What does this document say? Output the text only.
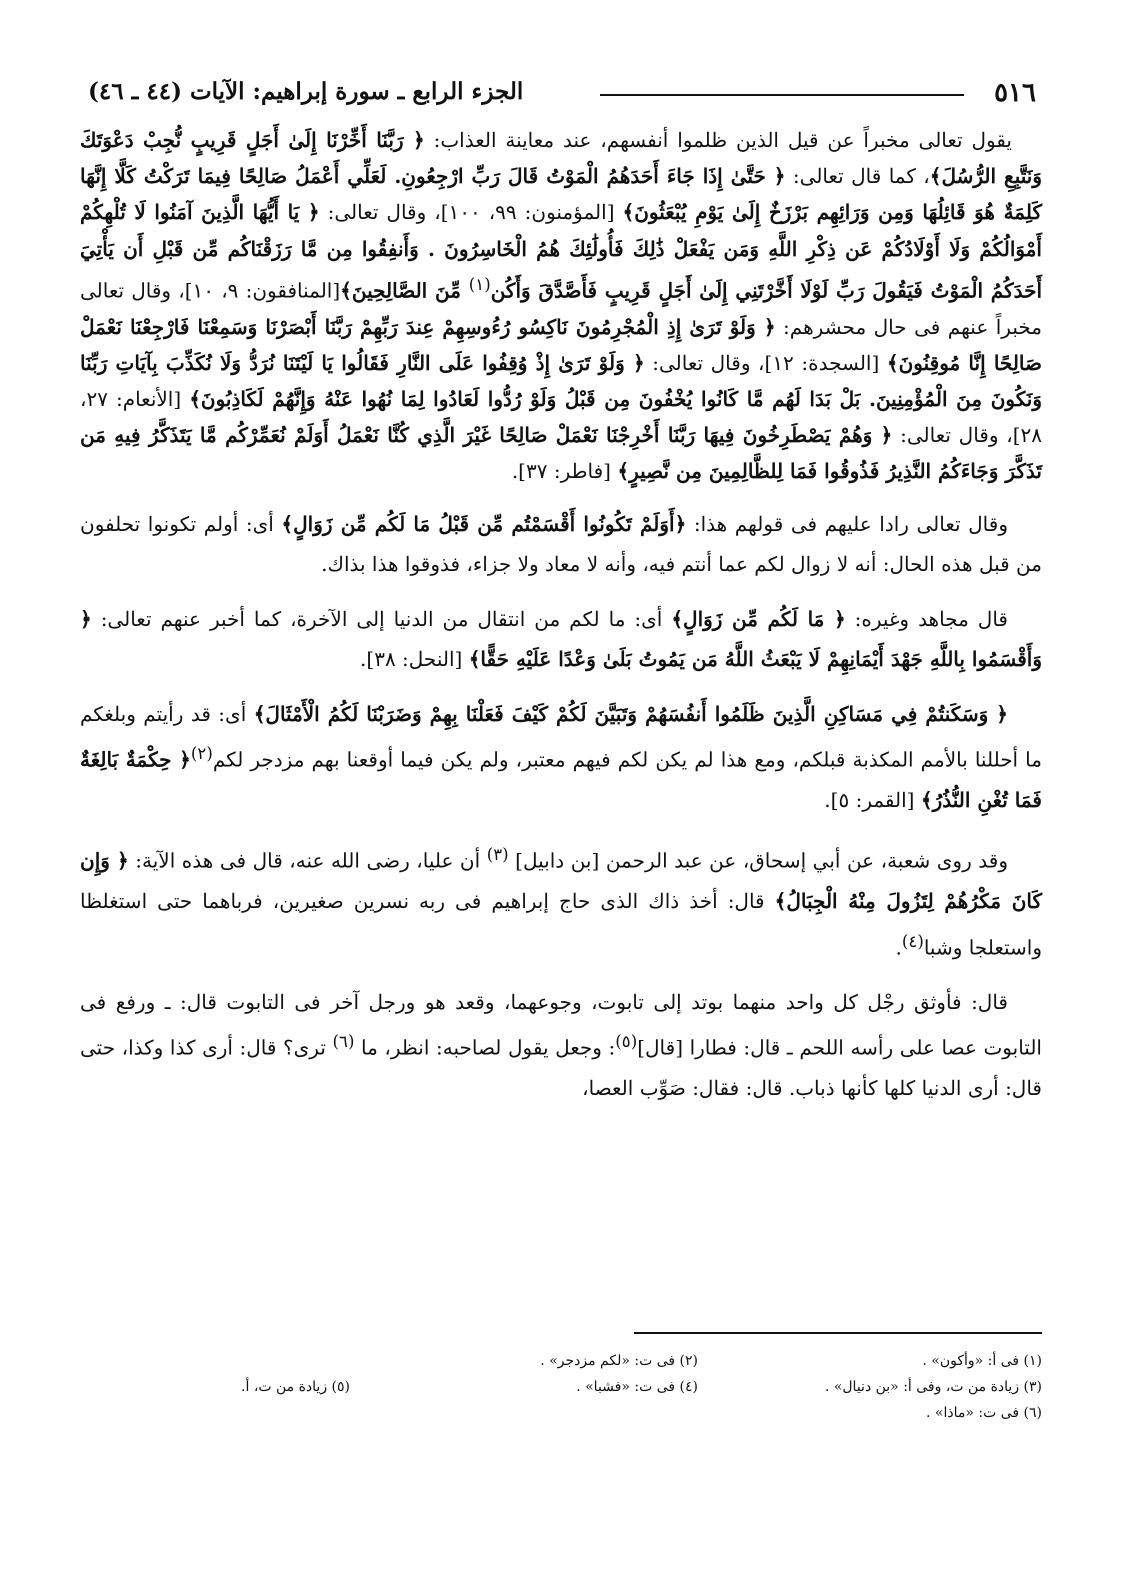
٥١٦
الجزء الرابع ـ سورة إبراهيم: الآيات (٤٤ ـ ٤٦)

يقول تعالى مخبراً عن قيل الذين ظلموا أنفسهم، عند معاينة العذاب: ﴿ رَبَّنَا أَخِّرْنَا إِلَىٰ أَجَلٍ قَرِيبٍ نُّجِبْ دَعْوَتَكَ وَنَتَّبِعِ الرُّسُلَ﴾، كما قال تعالى: ﴿ حَتَّىٰ إِذَا جَاءَ أَحَدَهُمُ الْمَوْتُ قَالَ رَبِّ ارْجِعُونِ. لَعَلِّي أَعْمَلُ صَالِحًا فِيمَا تَرَكْتُ كَلَّا إِنَّهَا كَلِمَةٌ هُوَ قَائِلُهَا وَمِن وَرَائِهِم بَرْزَخٌ إِلَىٰ يَوْمِ يُبْعَثُونَ﴾ [المؤمنون: ٩٩، ١٠٠]، وقال تعالى: ﴿ يَا أَيُّهَا الَّذِينَ آمَنُوا لَا تُلْهِكُمْ أَمْوَالُكُمْ وَلَا أَوْلَادُكُمْ عَن ذِكْرِ اللَّهِ وَمَن يَفْعَلْ ذَٰلِكَ فَأُولَٰئِكَ هُمُ الْخَاسِرُونَ . وَأَنفِقُوا مِن مَّا رَزَقْنَاكُم مِّن قَبْلِ أَن يَأْتِيَ أَحَدَكُمُ الْمَوْتُ فَيَقُولَ رَبِّ لَوْلَا أَخَّرْتَنِي إِلَىٰ أَجَلٍ قَرِيبٍ فَأَصَّدَّقَ وَأَكُن$^{(١)}$ مِّنَ الصَّالِحِينَ﴾[المنافقون: ٩، ١٠]، وقال تعالى مخبراً عنهم فى حال محشرهم: ﴿ وَلَوْ تَرَىٰ إِذِ الْمُجْرِمُونَ نَاكِسُو رُءُوسِهِمْ عِندَ رَبِّهِمْ رَبَّنَا أَبْصَرْنَا وَسَمِعْنَا فَارْجِعْنَا نَعْمَلْ صَالِحًا إِنَّا مُوقِنُونَ﴾ [السجدة: ١٢]، وقال تعالى: ﴿ وَلَوْ تَرَىٰ إِذْ وُقِفُوا عَلَى النَّارِ فَقَالُوا يَا لَيْتَنَا نُرَدُّ وَلَا نُكَذِّبَ بِآيَاتِ رَبِّنَا وَنَكُونَ مِنَ الْمُؤْمِنِينَ. بَلْ بَدَا لَهُم مَّا كَانُوا يُخْفُونَ مِن قَبْلُ وَلَوْ رُدُّوا لَعَادُوا لِمَا نُهُوا عَنْهُ وَإِنَّهُمْ لَكَاذِبُونَ﴾ [الأنعام: ٢٧، ٢٨]، وقال تعالى: ﴿ وَهُمْ يَصْطَرِخُونَ فِيهَا رَبَّنَا أَخْرِجْنَا نَعْمَلْ صَالِحًا غَيْرَ الَّذِي كُنَّا نَعْمَلُ أَوَلَمْ نُعَمِّرْكُم مَّا يَتَذَكَّرُ فِيهِ مَن تَذَكَّرَ وَجَاءَكُمُ النَّذِيرُ فَذُوقُوا فَمَا لِلظَّالِمِينَ مِن نَّصِيرٍ﴾ [فاطر: ٣٧].

وقال تعالى رادا عليهم فى قولهم هذا: ﴿أَوَلَمْ تَكُونُوا أَقْسَمْتُم مِّن قَبْلُ مَا لَكُم مِّن زَوَالٍ﴾ أى: أولم تكونوا تحلفون من قبل هذه الحال: أنه لا زوال لكم عما أنتم فيه، وأنه لا معاد ولا جزاء، فذوقوا هذا بذاك.

قال مجاهد وغيره: ﴿ مَا لَكُم مِّن زَوَالٍ﴾ أى: ما لكم من انتقال من الدنيا إلى الآخرة، كما أخبر عنهم تعالى: ﴿ وَأَقْسَمُوا بِاللَّهِ جَهْدَ أَيْمَانِهِمْ لَا يَبْعَثُ اللَّهُ مَن يَمُوتُ بَلَىٰ وَعْدًا عَلَيْهِ حَقًّا﴾ [النحل: ٣٨].

﴿ وَسَكَنتُمْ فِي مَسَاكِنِ الَّذِينَ ظَلَمُوا أَنفُسَهُمْ وَتَبَيَّنَ لَكُمْ كَيْفَ فَعَلْنَا بِهِمْ وَضَرَبْنَا لَكُمُ الْأَمْثَالَ﴾ أى: قد رأيتم وبلغكم ما أحللنا بالأمم المكذبة قبلكم، ومع هذا لم يكن لكم فيهم معتبر، ولم يكن فيما أوقعنا بهم مزدجر لكم$^{(٢)}$﴿ حِكْمَةٌ بَالِغَةٌ فَمَا تُغْنِ النُّذُرُ﴾ [القمر: ٥].

وقد روى شعبة، عن أبي إسحاق، عن عبد الرحمن [بن دابيل] $^{(٣)}$ أن عليا، رضى الله عنه، قال فى هذه الآية: ﴿ وَإِن كَانَ مَكْرُهُمْ لِتَزُولَ مِنْهُ الْجِبَالُ﴾ قال: أخذ ذاك الذى حاج إبراهيم فى ربه نسرين صغيرين، فرباهما حتى استغلظا واستعلجا وشبا$^{(٤)}$.

قال: فأوثق رجْل كل واحد منهما بوتد إلى تابوت، وجوعهما، وقعد هو ورجل آخر فى التابوت قال: ـ ورفع فى التابوت عصا على رأسه اللحم ـ قال: فطارا [قال]$^{(٥)}$: وجعل يقول لصاحبه: انظر، ما $^{(٦)}$ ترى؟ قال: أرى كذا وكذا، حتى قال: أرى الدنيا كلها كأنها ذباب. قال: فقال: صَوِّب العصا،

(١) فى أ: «وأكون» .
(٢) فى ت: «لكم مزدجر» .
(٣) زيادة من ت، وفى أ: «بن دنيال» .
(٤) فى ت: «فشبا» .
(٥) زيادة من ت، أ.
(٦) فى ت: «ماذا» .
